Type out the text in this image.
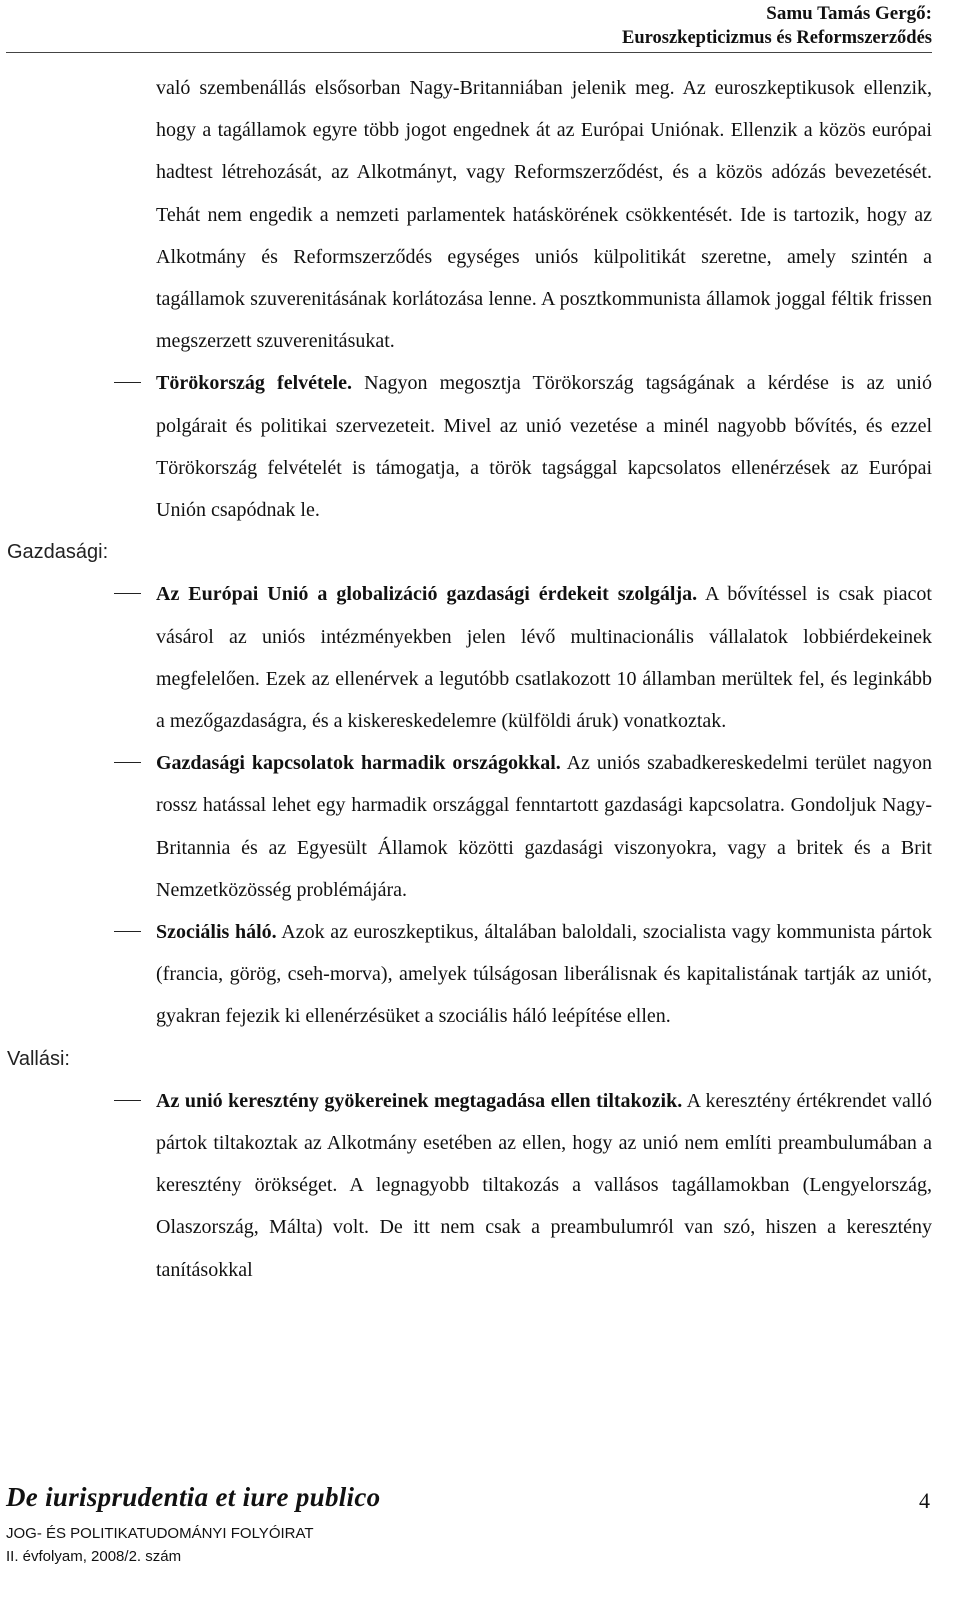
Samu Tamás Gergő:
Euroszkepticizmus és Reformszerződés

való szembenállás elsősorban Nagy-Britanniában jelenik meg. Az euroszkeptikusok ellenzik, hogy a tagállamok egyre több jogot engednek át az Európai Uniónak. Ellenzik a közös európai hadtest létrehozását, az Alkotmányt, vagy Reformszerződést, és a közös adózás bevezetését. Tehát nem engedik a nemzeti parlamentek hatáskörének csökkentését. Ide is tartozik, hogy az Alkotmány és Reformszerződés egységes uniós külpolitikát szeretne, amely szintén a tagállamok szuverenitásának korlátozása lenne. A posztkommunista államok joggal féltik frissen megszerzett szuverenitásukat.

Törökország felvétele. Nagyon megosztja Törökország tagságának a kérdése is az unió polgárait és politikai szervezeteit. Mivel az unió vezetése a minél nagyobb bővítés, és ezzel Törökország felvételét is támogatja, a török tagsággal kapcsolatos ellenérzések az Európai Unión csapódnak le.

Gazdasági:

Az Európai Unió a globalizáció gazdasági érdekeit szolgálja. A bővítéssel is csak piacot vásárol az uniós intézményekben jelen lévő multinacionális vállalatok lobbiérdekeinek megfelelően. Ezek az ellenérvek a legutóbb csatlakozott 10 államban merültek fel, és leginkább a mezőgazdaságra, és a kiskereskedelemre (külföldi áruk) vonatkoztak.

Gazdasági kapcsolatok harmadik országokkal. Az uniós szabadkereskedelmi terület nagyon rossz hatással lehet egy harmadik országgal fenntartott gazdasági kapcsolatra. Gondoljuk Nagy-Britannia és az Egyesült Államok közötti gazdasági viszonyokra, vagy a britek és a Brit Nemzetközösség problémájára.

Szociális háló. Azok az euroszkeptikus, általában baloldali, szocialista vagy kommunista pártok (francia, görög, cseh-morva), amelyek túlságosan liberálisnak és kapitalistának tartják az uniót, gyakran fejezik ki ellenérzésüket a szociális háló leépítése ellen.

Vallási:

Az unió keresztény gyökereinek megtagadása ellen tiltakozik. A keresztény értékrendet valló pártok tiltakoztak az Alkotmány esetében az ellen, hogy az unió nem említi preambulumában a keresztény örökséget. A legnagyobb tiltakozás a vallásos tagállamokban (Lengyelország, Olaszország, Málta) volt. De itt nem csak a preambulumról van szó, hiszen a keresztény tanításokkal

De iurisprudentia et iure publico
JOG- ÉS POLITIKATUDOMÁNYI FOLYÓIRAT
II. évfolyam, 2008/2. szám
4
